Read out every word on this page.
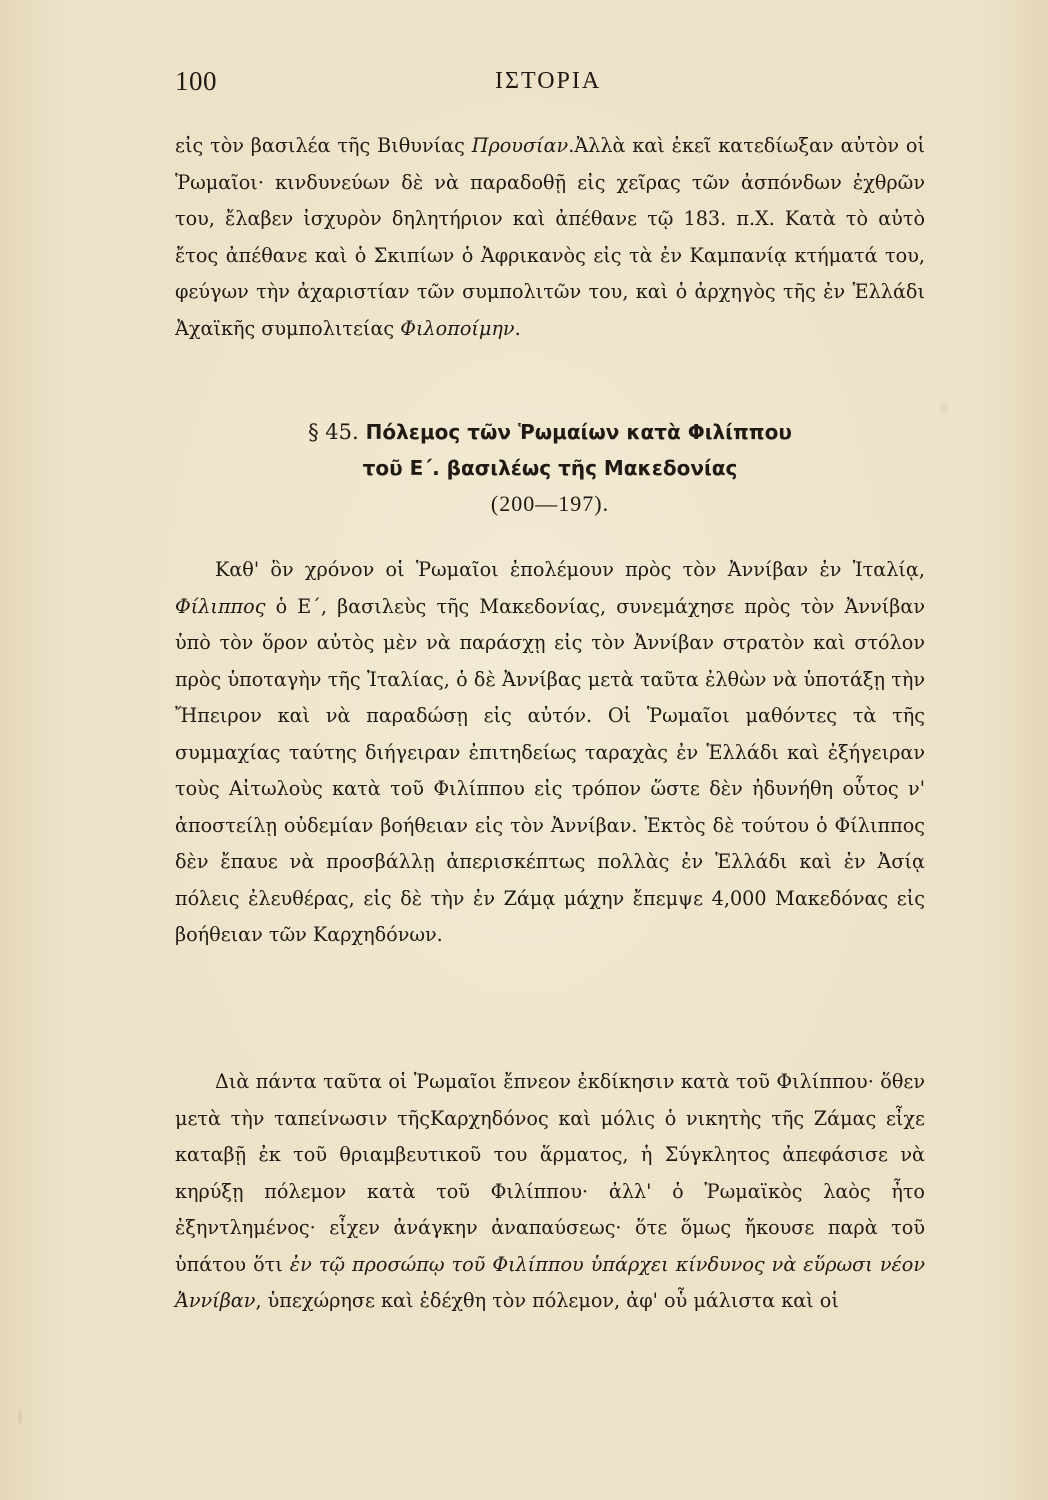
100	ΙΣΤΟΡΙΑ

εἰς τὸν βασιλέα τῆς Βιθυνίας Προυσίαν.Ἀλλὰ καὶ ἐκεῖ κατεδίωξαν αὐτὸν οἱ Ῥωμαῖοι· κινδυνεύων δὲ νὰ παραδοθῇ εἰς χεῖρας τῶν ἀσπόνδων ἐχθρῶν του, ἔλαβεν ἰσχυρὸν δηλητήριον καὶ ἀπέθανε τῷ 183. π.Χ. Κατὰ τὸ αὐτὸ ἔτος ἀπέθανε καὶ ὁ Σκιπίων ὁ Ἀφρικανὸς εἰς τὰ ἐν Καμπανίᾳ κτήματά του, φεύγων τὴν ἀχαριστίαν τῶν συμπολιτῶν του, καὶ ὁ ἀρχηγὸς τῆς ἐν Ἑλλάδι Ἀχαϊκῆς συμπολιτείας Φιλοποίμην.

§ 45. Πόλεμος τῶν Ῥωμαίων κατὰ Φιλίππου
τοῦ Ε΄. βασιλέως τῆς Μακεδονίας
(200—197).

Καθ' ὃν χρόνον οἱ Ῥωμαῖοι ἐπολέμουν πρὸς τὸν Ἀννίβαν ἐν Ἰταλίᾳ, Φίλιππος ὁ Ε΄, βασιλεὺς τῆς Μακεδονίας, συνεμάχησε πρὸς τὸν Ἀννίβαν ὑπὸ τὸν ὅρον αὐτὸς μὲν νὰ παράσχῃ εἰς τὸν Ἀννίβαν στρατὸν καὶ στόλον πρὸς ὑποταγὴν τῆς Ἰταλίας, ὁ δὲ Ἀννίβας μετὰ ταῦτα ἐλθὼν νὰ ὑποτάξῃ τὴν Ἤπειρον καὶ νὰ παραδώσῃ εἰς αὐτόν. Οἱ Ῥωμαῖοι μαθόντες τὰ τῆς συμμαχίας ταύτης διήγειραν ἐπιτηδείως ταραχὰς ἐν Ἑλλάδι καὶ ἐξήγειραν τοὺς Αἰτωλοὺς κατὰ τοῦ Φιλίππου εἰς τρόπον ὥστε δὲν ἠδυνήθη οὗτος ν' ἀποστείλῃ οὐδεμίαν βοήθειαν εἰς τὸν Ἀννίβαν. Ἐκτὸς δὲ τούτου ὁ Φίλιππος δὲν ἔπαυε νὰ προσβάλλῃ ἀπερισκέπτως πολλὰς ἐν Ἑλλάδι καὶ ἐν Ἀσίᾳ πόλεις ἐλευθέρας, εἰς δὲ τὴν ἐν Ζάμᾳ μάχην ἔπεμψε 4,000 Μακεδόνας εἰς βοήθειαν τῶν Καρχηδόνων.

Διὰ πάντα ταῦτα οἱ Ῥωμαῖοι ἔπνεον ἐκδίκησιν κατὰ τοῦ Φιλίππου· ὅθεν μετὰ τὴν ταπείνωσιν τῆςΚαρχηδόνος καὶ μόλις ὁ νικητὴς τῆς Ζάμας εἶχε καταβῇ ἐκ τοῦ θριαμβευτικοῦ του ἅρματος, ἡ Σύγκλητος ἀπεφάσισε νὰ κηρύξῃ πόλεμον κατὰ τοῦ Φιλίππου· ἀλλ' ὁ Ῥωμαϊκὸς λαὸς ἦτο ἐξηντλημένος· εἶχεν ἀνάγκην ἀναπαύσεως· ὅτε ὅμως ἤκουσε παρὰ τοῦ ὑπάτου ὅτι ἐν τῷ προσώπῳ τοῦ Φιλίππου ὑπάρχει κίνδυνος νὰ εὕρωσι νέον Ἀννίβαν, ὑπεχώρησε καὶ ἐδέχθη τὸν πόλεμον, ἀφ' οὗ μάλιστα καὶ οἱ
